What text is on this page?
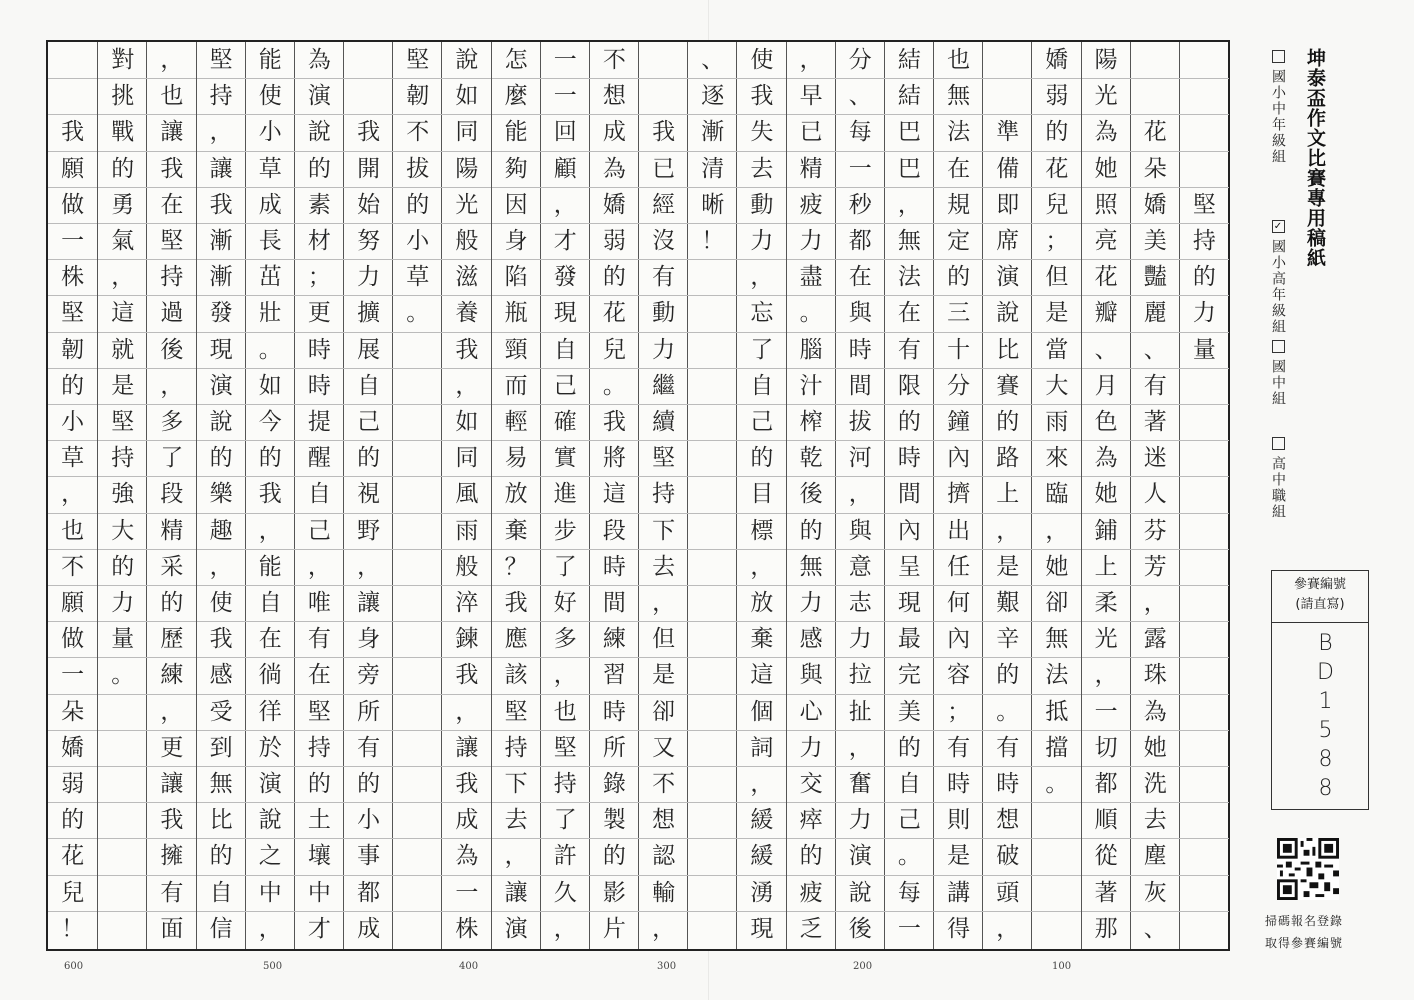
堅
持
的
力
量
花
朵
嬌
美
豔
麗
、
有
著
迷
人
芬
芳
，
露
珠
為
她
洗
去
塵
灰
、
陽
光
為
她
照
亮
花
瓣
、
月
色
為
她
鋪
上
柔
光
，
一
切
都
順
從
著
那
嬌
弱
的
花
兒
；
但
是
當
大
雨
來
臨
，
她
卻
無
法
抵
擋
。
準
備
即
席
演
說
比
賽
的
路
上
，
是
艱
辛
的
。
有
時
想
破
頭
，
也
無
法
在
規
定
的
三
十
分
鐘
內
擠
出
任
何
內
容
；
有
時
則
是
講
得
結
結
巴
巴
，
無
法
在
有
限
的
時
間
內
呈
現
最
完
美
的
自
己
。
每
一
分
、
每
一
秒
都
在
與
時
間
拔
河
，
與
意
志
力
拉
扯
，
奮
力
演
說
後
，
早
已
精
疲
力
盡
。
腦
汁
榨
乾
後
的
無
力
感
與
心
力
交
瘁
的
疲
乏
使
我
失
去
動
力
，
忘
了
自
己
的
目
標
，
放
棄
這
個
詞
，
緩
緩
湧
現
、
逐
漸
清
晰
！
我
已
經
沒
有
動
力
繼
續
堅
持
下
去
，
但
是
卻
又
不
想
認
輸
，
不
想
成
為
嬌
弱
的
花
兒
。
我
將
這
段
時
間
練
習
時
所
錄
製
的
影
片
一
一
回
顧
，
才
發
現
自
己
確
實
進
步
了
好
多
，
也
堅
持
了
許
久
，
怎
麼
能
夠
因
身
陷
瓶
頸
而
輕
易
放
棄
？
我
應
該
堅
持
下
去
，
讓
演
說
如
同
陽
光
般
滋
養
我
，
如
同
風
雨
般
淬
鍊
我
，
讓
我
成
為
一
株
堅
韌
不
拔
的
小
草
。
我
開
始
努
力
擴
展
自
己
的
視
野
，
讓
身
旁
所
有
的
小
事
都
成
為
演
說
的
素
材
；
更
時
時
提
醒
自
己
，
唯
有
在
堅
持
的
土
壤
中
才
能
使
小
草
成
長
茁
壯
。
如
今
的
我
，
能
自
在
徜
徉
於
演
說
之
中
，
堅
持
，
讓
我
漸
漸
發
現
演
說
的
樂
趣
，
使
我
感
受
到
無
比
的
自
信
，
也
讓
我
在
堅
持
過
後
，
多
了
段
精
采
的
歷
練
，
更
讓
我
擁
有
面
對
挑
戰
的
勇
氣
，
這
就
是
堅
持
強
大
的
力
量
。
我
願
做
一
株
堅
韌
的
小
草
，
也
不
願
做
一
朵
嬌
弱
的
花
兒
！
600	500	400	300	200	100
坤泰盃作文比賽專用稿紙
國小中年級組
✓
國小高年級組
國中組
高中職組
參賽編號
(請直寫)
BD1588
掃碼報名登錄
取得參賽編號
